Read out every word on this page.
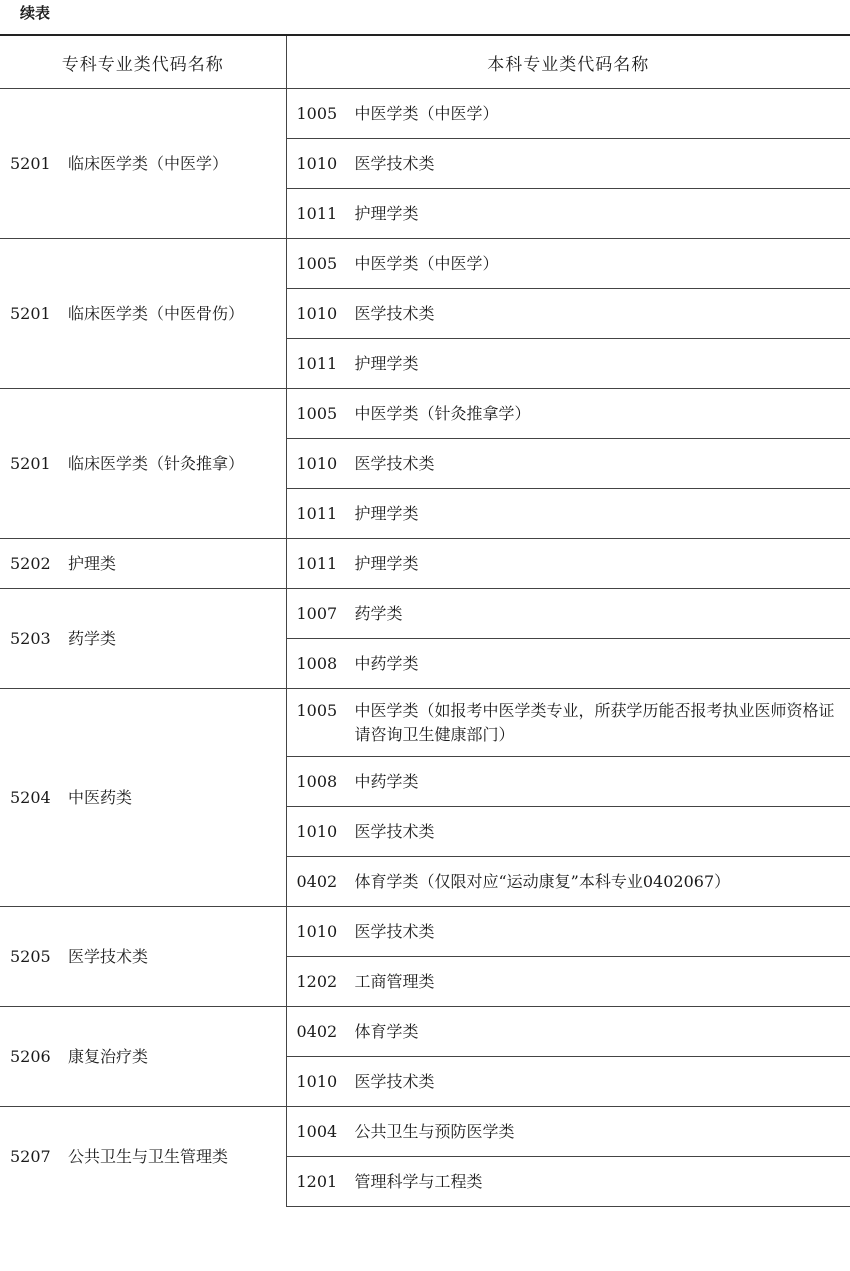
续表
专科专业类代码名称	本科专业类代码名称

5201 临床医学类（中医学）	1005 中医学类（中医学）

	1010 医学技术类

	1011 护理学类

5201 临床医学类（中医骨伤）	1005 中医学类（中医学）

	1010 医学技术类

	1011 护理学类

5201 临床医学类（针灸推拿）	1005 中医学类（针灸推拿学）

	1010 医学技术类

	1011 护理学类

5202 护理类	1011 护理学类

5203 药学类	1007 药学类

	1008 中药学类

5204 中医药类	1005 中医学类（如报考中医学类专业，所获学历能否报考执业医师资格证请咨询卫生健康部门）

	1008 中药学类

	1010 医学技术类

	0402 体育学类（仅限对应“运动康复”本科专业0402067）

5205 医学技术类	1010 医学技术类

	1202 工商管理类

5206 康复治疗类	0402 体育学类

	1010 医学技术类

5207 公共卫生与卫生管理类	1004 公共卫生与预防医学类

	1201 管理科学与工程类
